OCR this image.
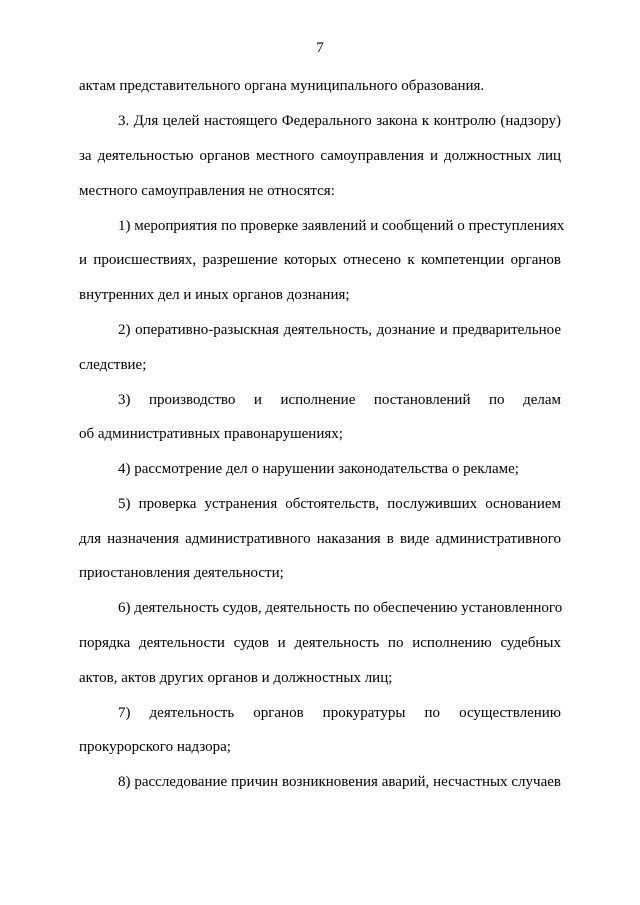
7
актам представительного органа муниципального образования.
3. Для целей настоящего Федерального закона к контролю (надзору)
за деятельностью органов местного самоуправления и должностных лиц
местного самоуправления не относятся:
1) мероприятия по проверке заявлений и сообщений о преступлениях
и происшествиях, разрешение которых отнесено к компетенции органов
внутренних дел и иных органов дознания;
2) оперативно-разыскная деятельность, дознание и предварительное
следствие;
3) производство и исполнение постановлений по делам
об административных правонарушениях;
4) рассмотрение дел о нарушении законодательства о рекламе;
5) проверка устранения обстоятельств, послуживших основанием
для назначения административного наказания в виде административного
приостановления деятельности;
6) деятельность судов, деятельность по обеспечению установленного
порядка деятельности судов и деятельность по исполнению судебных
актов, актов других органов и должностных лиц;
7) деятельность органов прокуратуры по осуществлению
прокурорского надзора;
8) расследование причин возникновения аварий, несчастных случаев
